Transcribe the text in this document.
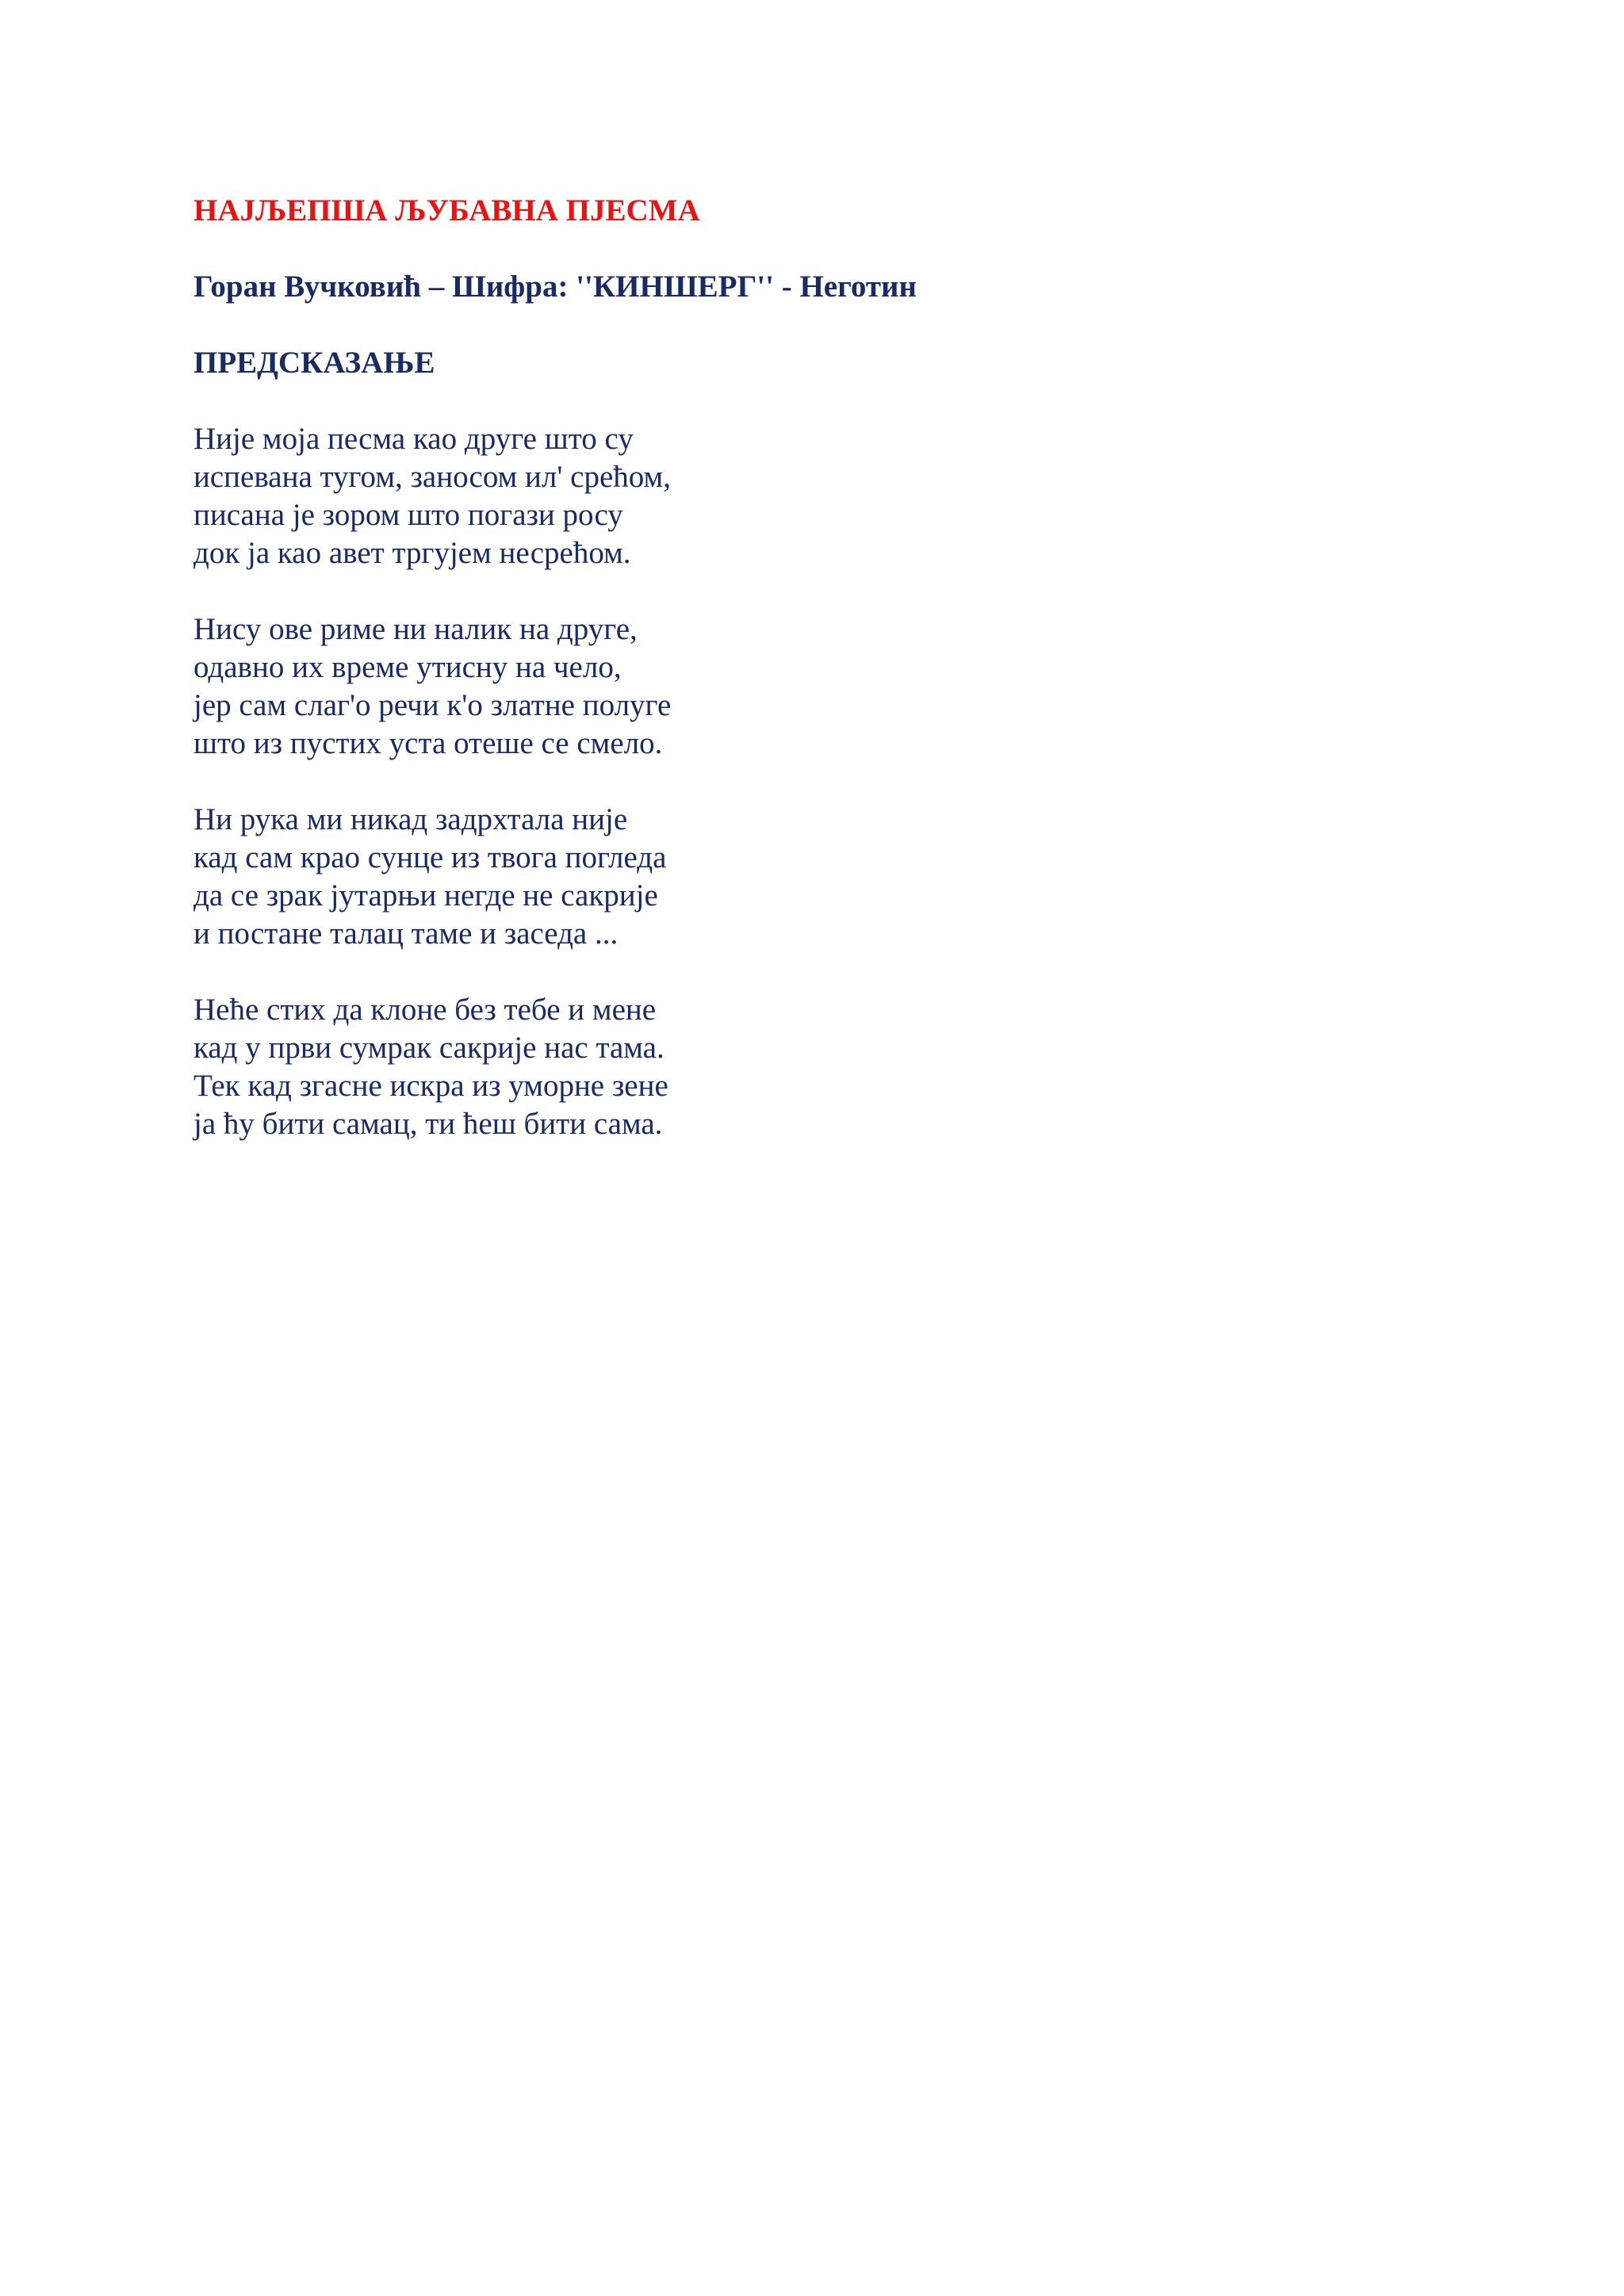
НАЈЉЕПША ЉУБАВНА ПЈЕСМА
Горан Вучковић – Шифра: ''КИНШЕРГ'' - Неготин
ПРЕДСКАЗАЊЕ

Није моја песма као друге што су
испевана тугом, заносом ил' срећом,
писана је зором што погази росу
док ја као авет тргујем несрећом.

Нису ове риме ни налик на друге,
одавно их време утисну на чело,
јер сам слаг'о речи к'о златне полуге
што из пустих уста отеше се смело.

Ни рука ми никад задрхтала није
кад сам крао сунце из твога погледа
да се зрак јутарњи негде не сакрије
и постане талац таме и заседа ...

Нећe стих да клоне без тебе и мене
кад у први сумрак сакрије нас тама.
Тек кад згасне искра из уморне зене
ја ћу бити самац, ти ћеш бити сама.
